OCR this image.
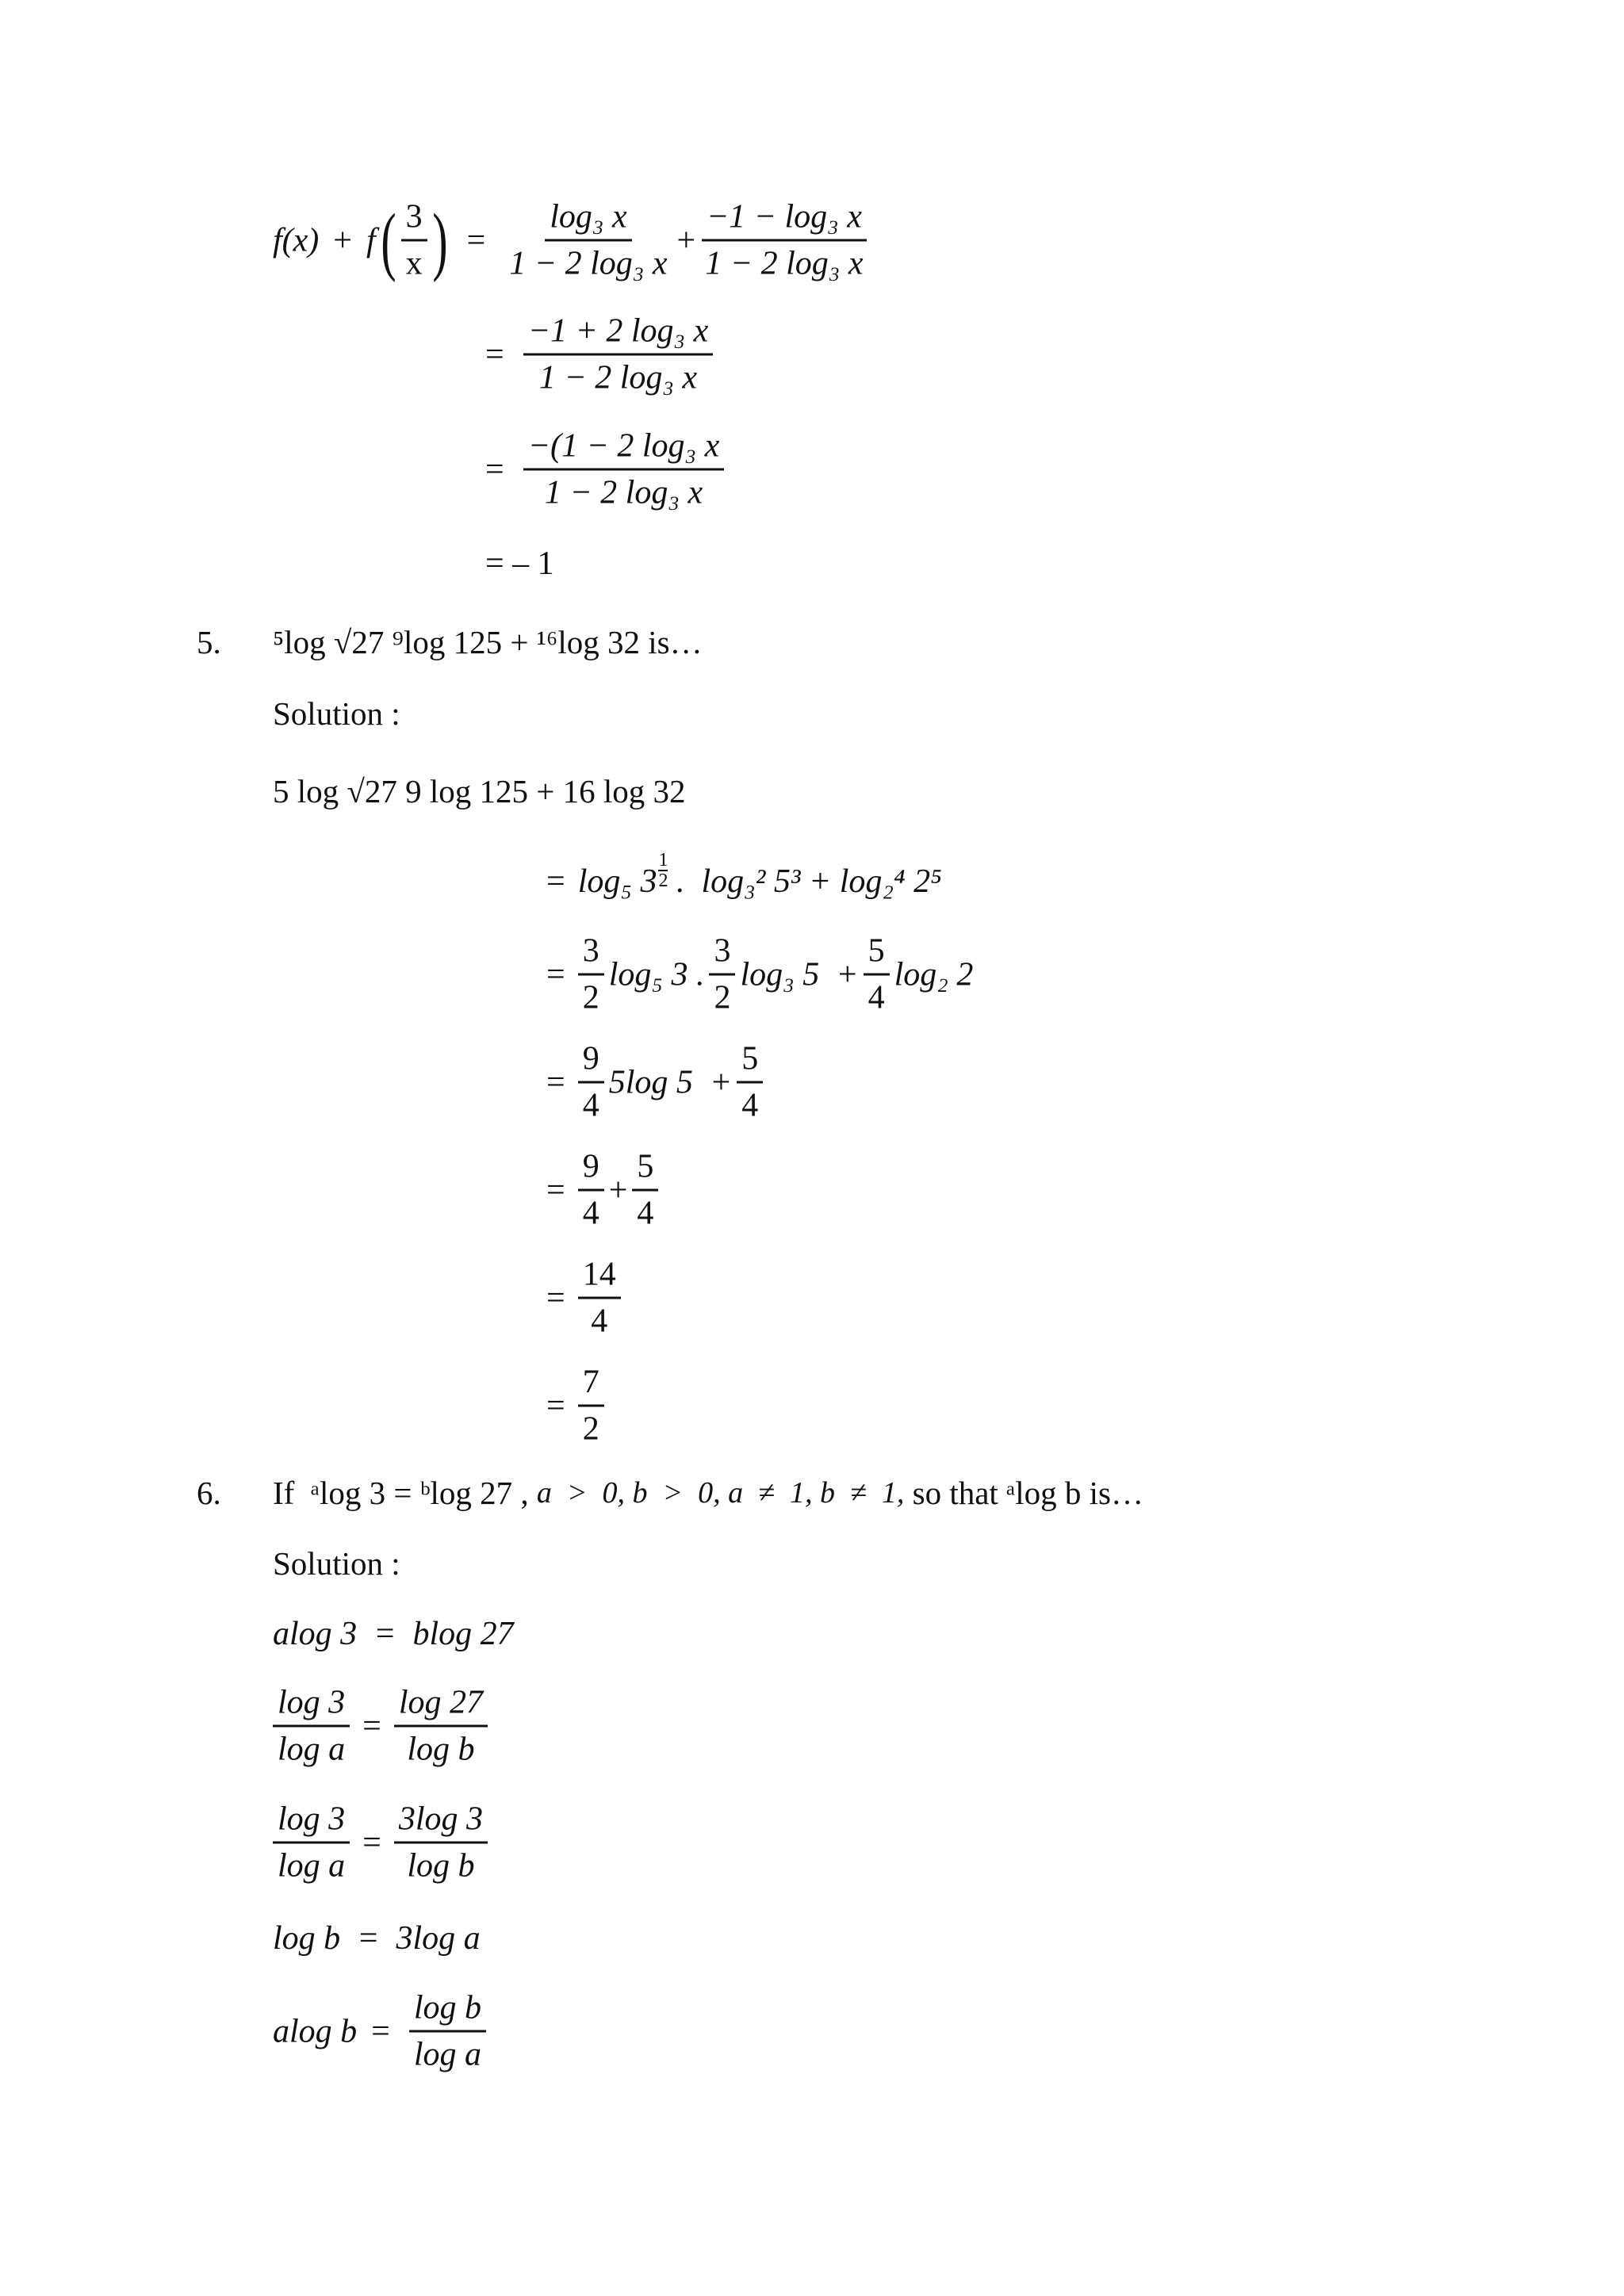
f(x) + f ( $\frac{3}{x}$ ) = $\frac{\text{log₃ x}}{\text{1 − 2 log₃ x}} + \frac{\text{−1 − log₃ x}}{\text{1 − 2 log₃ x}}$
= $\frac{\text{−1 + 2 log₃ x}}{\text{1 − 2 log₃ x}}$
= $\frac{\text{−(1 − 2 log₃ x}}{\text{1 − 2 log₃ x}}$
= – 1
5. ⁵log √27 ⁹log 125 + ¹⁶log 32 is…
Solution :
5 log √27 9 log 125 + 16 log 32
= log₅ $3 \frac{1}{2}$ .  log₃² 5³ + log₂⁴ 2⁵
= $\frac{3}{2} \log_5$ 3 . $\frac{3}{2} \log_3$ $5 + \frac{5}{4} \log_2$ 2
= $\frac{9}{4} 5\log$ $5 + \frac{5}{4}$
= $\frac{9}{4} + \frac{5}{4}$
= $\frac{14}{4}$
= $\frac{7}{2}$
6. If  ᵃlog 3 = ᵇlog 27 , a  >  0, b  >  0, a  ≠  1, b  ≠  1, so that ᵃlog b is…
Solution :
alog 3  =  blog 27
$\frac{\log 3}{\text{log a}} = \frac{\log 27}{\text{log b}}$
$\frac{\log 3}{\text{log a}} = \frac{3\log 3}{\text{log b}}$
log b  =  3log a
alog $b = \frac{\text{log b}}{\text{log a}}$
